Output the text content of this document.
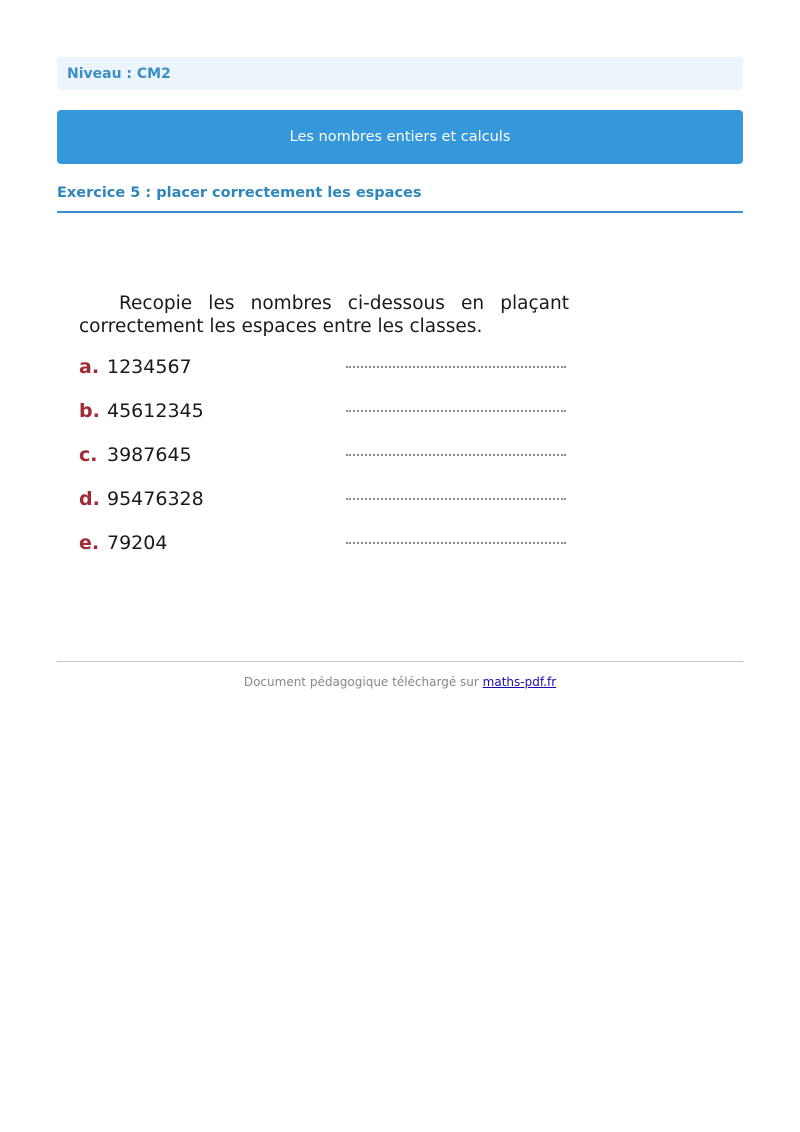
Niveau : CM2
Les nombres entiers et calculs
Exercice 5 : placer correctement les espaces

Recopie les nombres ci-dessous en plaçant correctement les espaces entre les classes.

a. 1234567
b. 45612345
c. 3987645
d. 95476328
e. 79204
Document pédagogique téléchargé sur maths-pdf.fr
